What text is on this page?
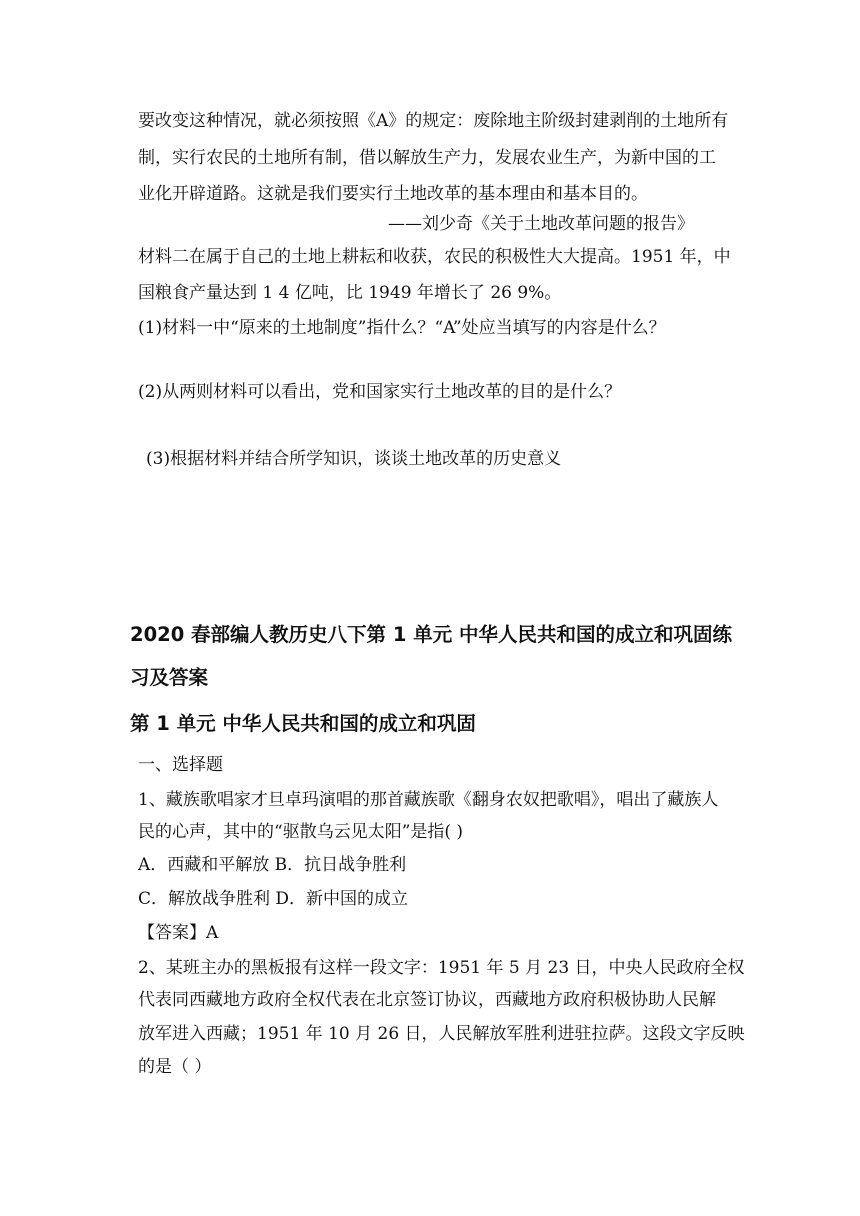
要改变这种情况，就必须按照《A》的规定：废除地主阶级封建剥削的土地所有
制，实行农民的土地所有制，借以解放生产力，发展农业生产，为新中国的工
业化开辟道路。这就是我们要实行土地改革的基本理由和基本目的。
——刘少奇《关于土地改革问题的报告》
材料二在属于自己的土地上耕耘和收获，农民的积极性大大提高。1951 年，中
国粮食产量达到 1 4 亿吨，比 1949 年增长了 26 9%。
(1)材料一中“原来的土地制度”指什么？“A”处应当填写的内容是什么？
(2)从两则材料可以看出，党和国家实行土地改革的目的是什么？
(3)根据材料并结合所学知识，谈谈土地改革的历史意义
2020 春部编人教历史八下第 1 单元 中华人民共和国的成立和巩固练
习及答案
第 1 单元 中华人民共和国的成立和巩固
一、选择题
1、藏族歌唱家才旦卓玛演唱的那首藏族歌《翻身农奴把歌唱》，唱出了藏族人
民的心声，其中的“驱散乌云见太阳”是指( )
A．西藏和平解放 B．抗日战争胜利
C．解放战争胜利 D．新中国的成立
【答案】A
2、某班主办的黑板报有这样一段文字：1951 年 5 月 23 日，中央人民政府全权
代表同西藏地方政府全权代表在北京签订协议，西藏地方政府积极协助人民解
放军进入西藏；1951 年 10 月 26 日，人民解放军胜利进驻拉萨。这段文字反映
的是（ ）
